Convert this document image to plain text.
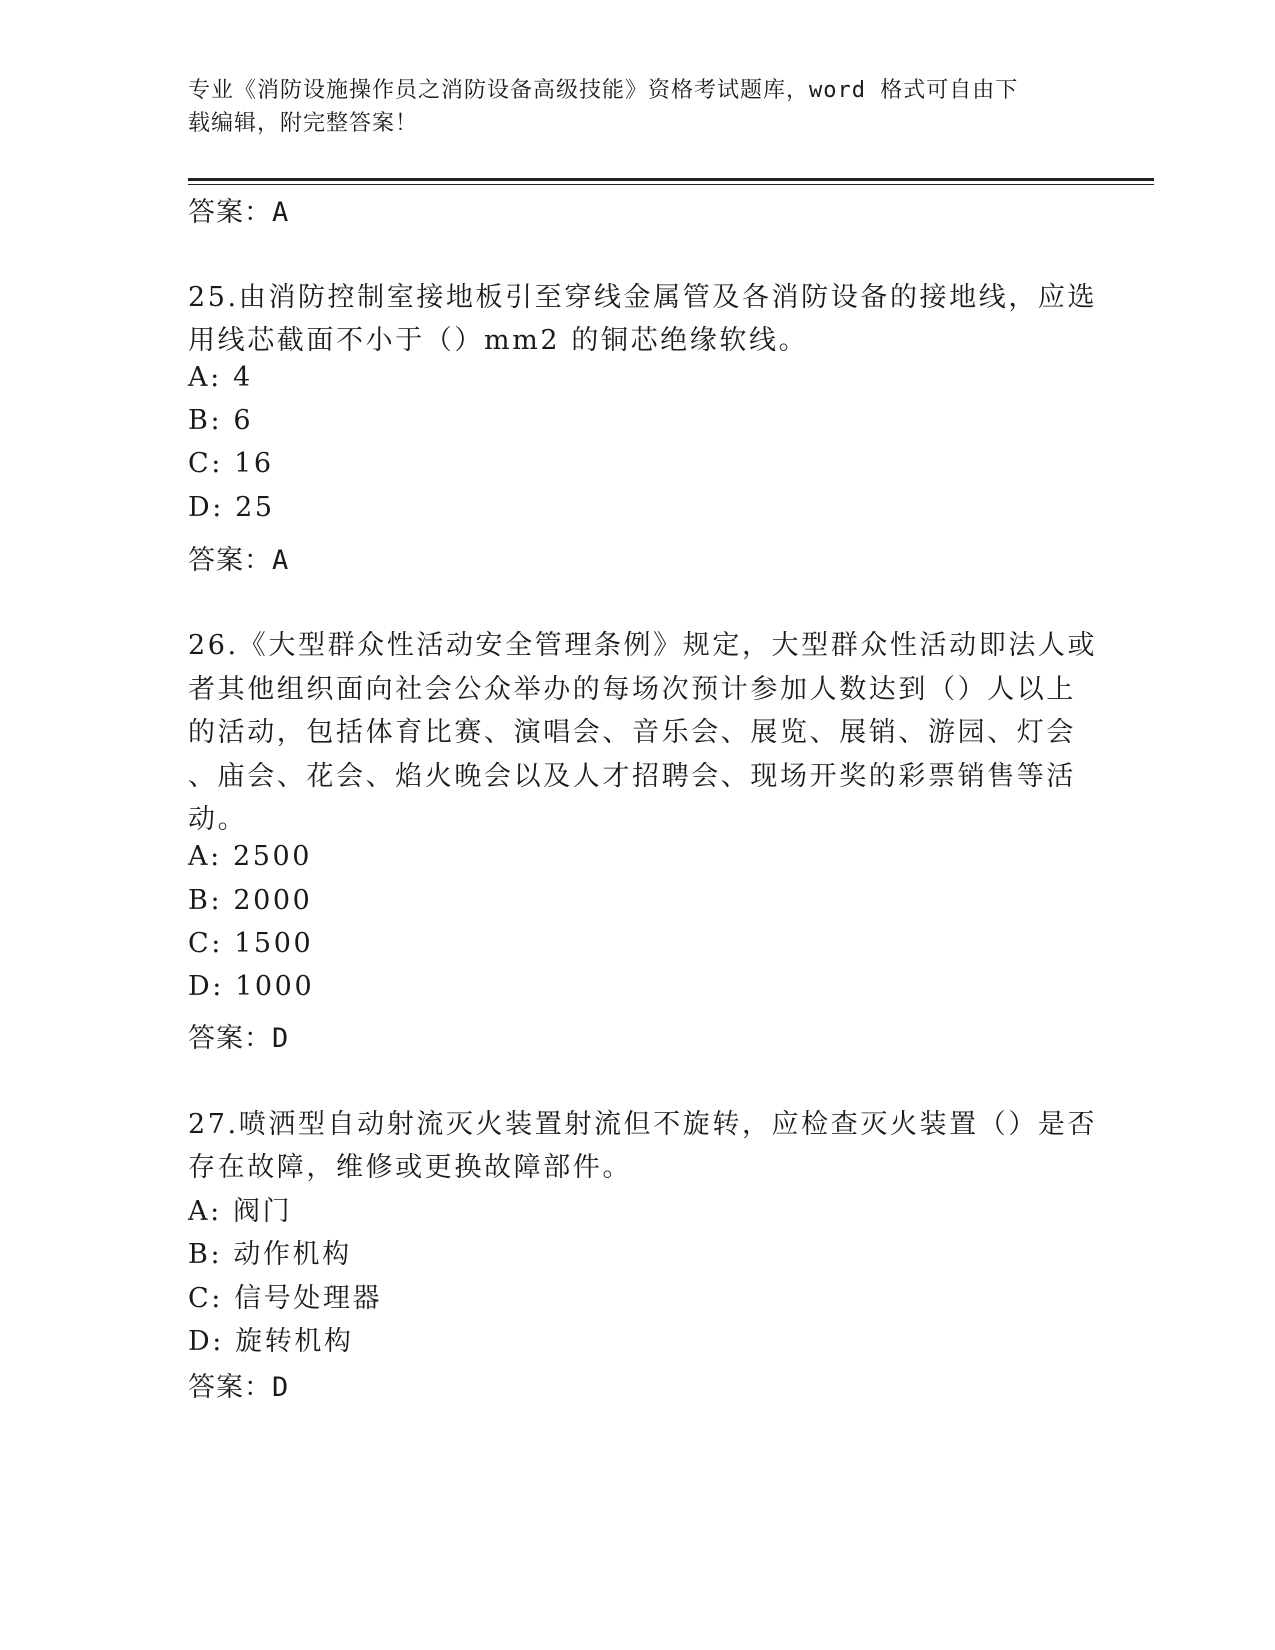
专业《消防设施操作员之消防设备高级技能》资格考试题库，word 格式可自由下
载编辑，附完整答案！
答案：A
25.由消防控制室接地板引至穿线金属管及各消防设备的接地线，应选
用线芯截面不小于（）mm2 的铜芯绝缘软线。
A: 4
B: 6
C: 16
D: 25
答案：A
26.《大型群众性活动安全管理条例》规定，大型群众性活动即法人或
者其他组织面向社会公众举办的每场次预计参加人数达到（）人以上
的活动，包括体育比赛、演唱会、音乐会、展览、展销、游园、灯会
、庙会、花会、焰火晚会以及人才招聘会、现场开奖的彩票销售等活
动。
A: 2500
B: 2000
C: 1500
D: 1000
答案：D
27.喷洒型自动射流灭火装置射流但不旋转，应检查灭火装置（）是否
存在故障，维修或更换故障部件。
A: 阀门
B: 动作机构
C: 信号处理器
D: 旋转机构
答案：D
